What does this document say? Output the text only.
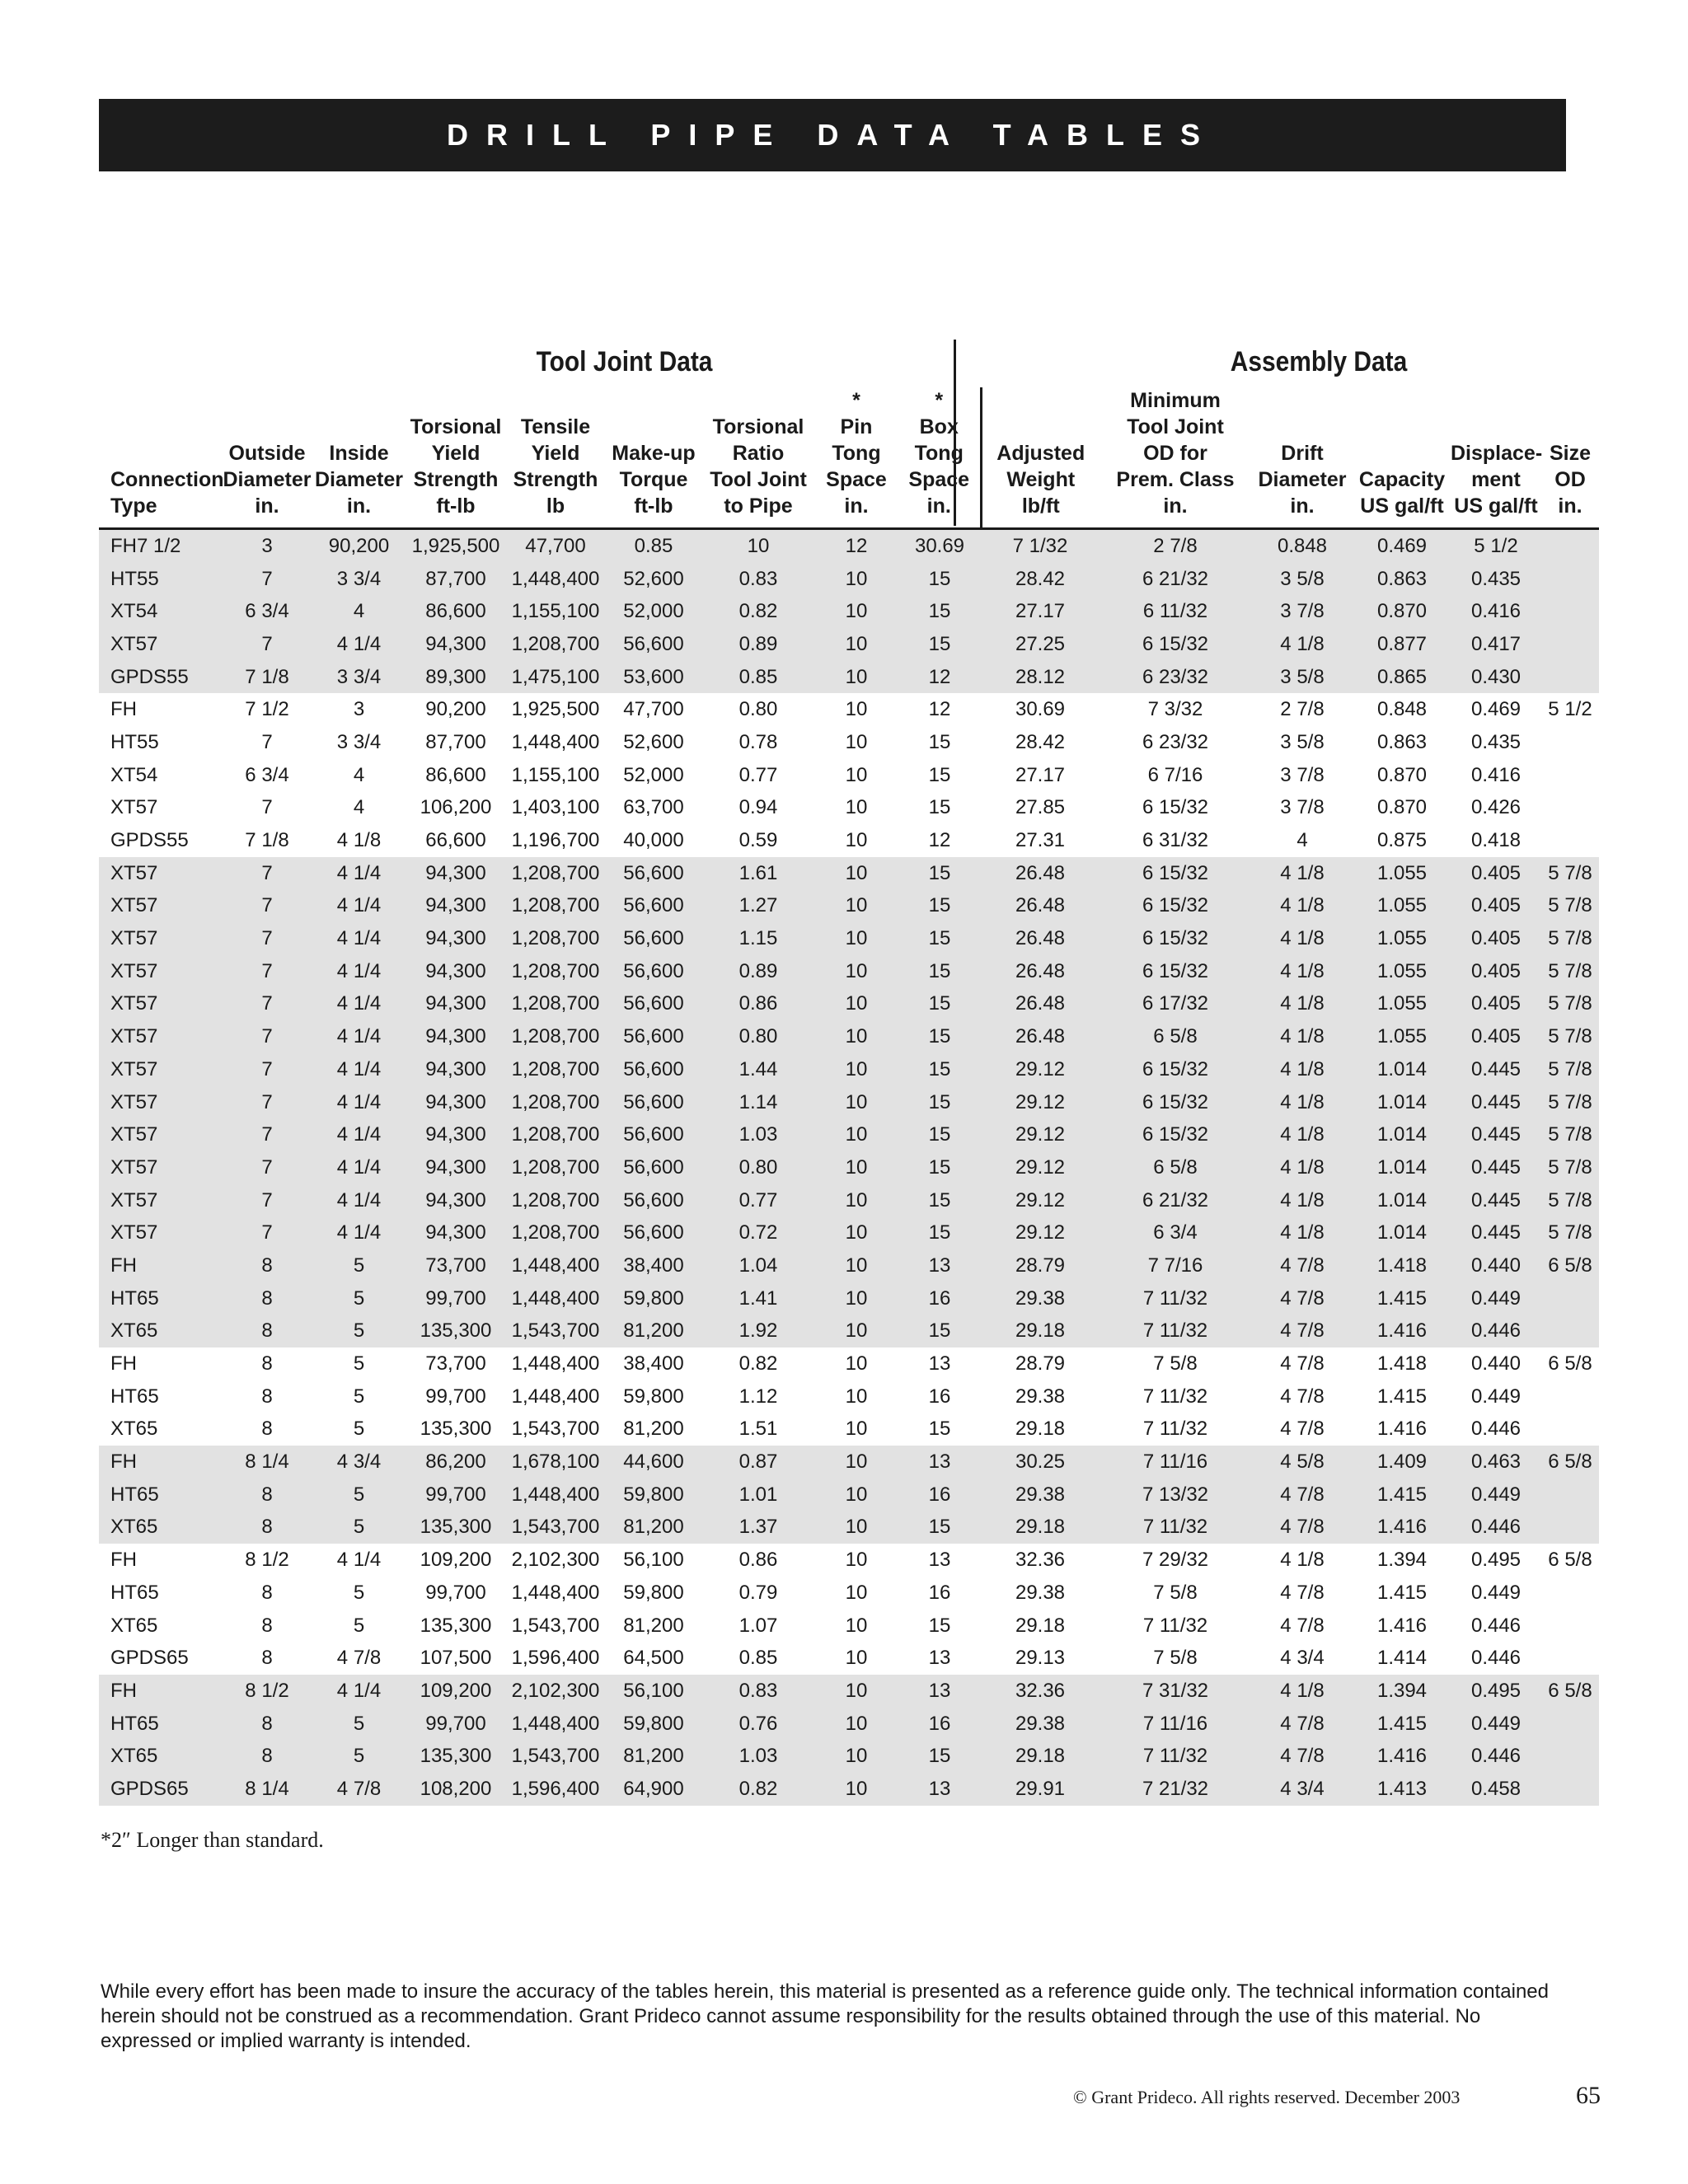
DRILL PIPE DATA TABLES
Tool Joint Data	Assembly Data
Connection
Type	Outside
Diameter
in.	Inside
Diameter
in.	Torsional
Yield
Strength
ft-lb	Tensile
Yield
Strength
lb	Make-up
Torque
ft-lb	Torsional
Ratio
Tool Joint
to Pipe	*
Pin
Tong
Space
in.	*
Box
Tong
Space
in.	Adjusted
Weight
lb/ft	Minimum
Tool Joint
OD for
Prem. Class
in.	Drift
Diameter
in.	Capacity
US gal/ft	Displace-
ment
US gal/ft	Size
OD
in.
FH7 1/2	3	90,200	1,925,500	47,700	0.85	10	12	30.69	7 1/32	2 7/8	0.848	0.469	5 1/2	
HT55	7	3 3/4	87,700	1,448,400	52,600	0.83	10	15	28.42	6 21/32	3 5/8	0.863	0.435	
XT54	6 3/4	4	86,600	1,155,100	52,000	0.82	10	15	27.17	6 11/32	3 7/8	0.870	0.416	
XT57	7	4 1/4	94,300	1,208,700	56,600	0.89	10	15	27.25	6 15/32	4 1/8	0.877	0.417	
GPDS55	7 1/8	3 3/4	89,300	1,475,100	53,600	0.85	10	12	28.12	6 23/32	3 5/8	0.865	0.430	
FH	7 1/2	3	90,200	1,925,500	47,700	0.80	10	12	30.69	7 3/32	2 7/8	0.848	0.469	5 1/2
HT55	7	3 3/4	87,700	1,448,400	52,600	0.78	10	15	28.42	6 23/32	3 5/8	0.863	0.435	
XT54	6 3/4	4	86,600	1,155,100	52,000	0.77	10	15	27.17	6 7/16	3 7/8	0.870	0.416	
XT57	7	4	106,200	1,403,100	63,700	0.94	10	15	27.85	6 15/32	3 7/8	0.870	0.426	
GPDS55	7 1/8	4 1/8	66,600	1,196,700	40,000	0.59	10	12	27.31	6 31/32	4	0.875	0.418	
XT57	7	4 1/4	94,300	1,208,700	56,600	1.61	10	15	26.48	6 15/32	4 1/8	1.055	0.405	5 7/8
XT57	7	4 1/4	94,300	1,208,700	56,600	1.27	10	15	26.48	6 15/32	4 1/8	1.055	0.405	5 7/8
XT57	7	4 1/4	94,300	1,208,700	56,600	1.15	10	15	26.48	6 15/32	4 1/8	1.055	0.405	5 7/8
XT57	7	4 1/4	94,300	1,208,700	56,600	0.89	10	15	26.48	6 15/32	4 1/8	1.055	0.405	5 7/8
XT57	7	4 1/4	94,300	1,208,700	56,600	0.86	10	15	26.48	6 17/32	4 1/8	1.055	0.405	5 7/8
XT57	7	4 1/4	94,300	1,208,700	56,600	0.80	10	15	26.48	6 5/8	4 1/8	1.055	0.405	5 7/8
XT57	7	4 1/4	94,300	1,208,700	56,600	1.44	10	15	29.12	6 15/32	4 1/8	1.014	0.445	5 7/8
XT57	7	4 1/4	94,300	1,208,700	56,600	1.14	10	15	29.12	6 15/32	4 1/8	1.014	0.445	5 7/8
XT57	7	4 1/4	94,300	1,208,700	56,600	1.03	10	15	29.12	6 15/32	4 1/8	1.014	0.445	5 7/8
XT57	7	4 1/4	94,300	1,208,700	56,600	0.80	10	15	29.12	6 5/8	4 1/8	1.014	0.445	5 7/8
XT57	7	4 1/4	94,300	1,208,700	56,600	0.77	10	15	29.12	6 21/32	4 1/8	1.014	0.445	5 7/8
XT57	7	4 1/4	94,300	1,208,700	56,600	0.72	10	15	29.12	6 3/4	4 1/8	1.014	0.445	5 7/8
FH	8	5	73,700	1,448,400	38,400	1.04	10	13	28.79	7 7/16	4 7/8	1.418	0.440	6 5/8
HT65	8	5	99,700	1,448,400	59,800	1.41	10	16	29.38	7 11/32	4 7/8	1.415	0.449	
XT65	8	5	135,300	1,543,700	81,200	1.92	10	15	29.18	7 11/32	4 7/8	1.416	0.446	
FH	8	5	73,700	1,448,400	38,400	0.82	10	13	28.79	7 5/8	4 7/8	1.418	0.440	6 5/8
HT65	8	5	99,700	1,448,400	59,800	1.12	10	16	29.38	7 11/32	4 7/8	1.415	0.449	
XT65	8	5	135,300	1,543,700	81,200	1.51	10	15	29.18	7 11/32	4 7/8	1.416	0.446	
FH	8 1/4	4 3/4	86,200	1,678,100	44,600	0.87	10	13	30.25	7 11/16	4 5/8	1.409	0.463	6 5/8
HT65	8	5	99,700	1,448,400	59,800	1.01	10	16	29.38	7 13/32	4 7/8	1.415	0.449	
XT65	8	5	135,300	1,543,700	81,200	1.37	10	15	29.18	7 11/32	4 7/8	1.416	0.446	
FH	8 1/2	4 1/4	109,200	2,102,300	56,100	0.86	10	13	32.36	7 29/32	4 1/8	1.394	0.495	6 5/8
HT65	8	5	99,700	1,448,400	59,800	0.79	10	16	29.38	7 5/8	4 7/8	1.415	0.449	
XT65	8	5	135,300	1,543,700	81,200	1.07	10	15	29.18	7 11/32	4 7/8	1.416	0.446	
GPDS65	8	4 7/8	107,500	1,596,400	64,500	0.85	10	13	29.13	7 5/8	4 3/4	1.414	0.446	
FH	8 1/2	4 1/4	109,200	2,102,300	56,100	0.83	10	13	32.36	7 31/32	4 1/8	1.394	0.495	6 5/8
HT65	8	5	99,700	1,448,400	59,800	0.76	10	16	29.38	7 11/16	4 7/8	1.415	0.449	
XT65	8	5	135,300	1,543,700	81,200	1.03	10	15	29.18	7 11/32	4 7/8	1.416	0.446	
GPDS65	8 1/4	4 7/8	108,200	1,596,400	64,900	0.82	10	13	29.91	7 21/32	4 3/4	1.413	0.458	
*2″ Longer than standard.
While every effort has been made to insure the accuracy of the tables herein, this material is presented as a reference guide only. The technical information contained herein should not be construed as a recommendation. Grant Prideco cannot assume responsibility for the results obtained through the use of this material. No expressed or implied warranty is intended.
© Grant Prideco. All rights reserved. December 2003	65
